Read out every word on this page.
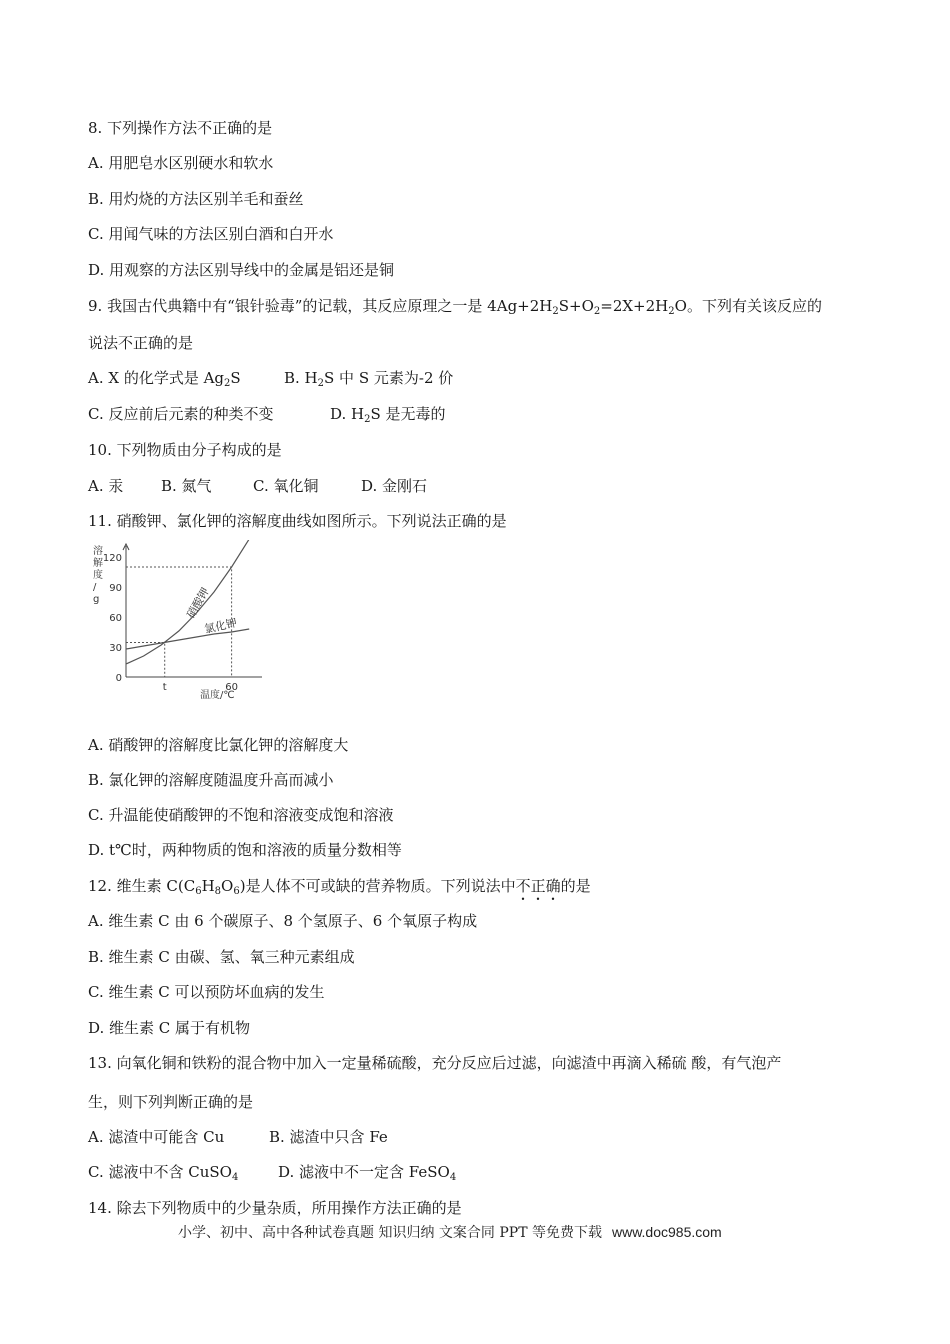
8. 下列操作方法不正确的是
A. 用肥皂水区别硬水和软水
B. 用灼烧的方法区别羊毛和蚕丝
C. 用闻气味的方法区别白酒和白开水
D. 用观察的方法区别导线中的金属是铝还是铜
9. 我国古代典籍中有“银针验毒”的记载，其反应原理之一是 $4Ag+2H_2S+O_2=2X+2H_2O$。下列有关该反应的
说法不正确的是
A. X 的化学式是 $Ag_2S$	B. $H_2S$ 中 S 元素为-2 价
C. 反应前后元素的种类不变	D. $H_2S$ 是无毒的
10. 下列物质由分子构成的是
A. 汞	B. 氮气	C. 氧化铜	D. 金刚石
11. 硝酸钾、氯化钾的溶解度曲线如图所示。下列说法正确的是
0
30
60
90
120
t	60
硝酸钾
氯化钾
溶解度/ g
温度/℃
A. 硝酸钾的溶解度比氯化钾的溶解度大
B. 氯化钾的溶解度随温度升高而减小
C. 升温能使硝酸钾的不饱和溶液变成饱和溶液
D. t℃时，两种物质的饱和溶液的质量分数相等
12. 维生素 $C(C_6H_8O_6)$是人体不可或缺的营养物质。下列说法中不正确的是
A. 维生素 C 由 6 个碳原子、8 个氢原子、6 个氧原子构成
B. 维生素 C 由碳、氢、氧三种元素组成
C. 维生素 C 可以预防坏血病的发生
D. 维生素 C 属于有机物
13. 向氧化铜和铁粉的混合物中加入一定量稀硫酸，充分反应后过滤，向滤渣中再滴入稀硫 酸，有气泡产
生，则下列判断正确的是
A. 滤渣中可能含 Cu	B. 滤渣中只含 Fe
C. 滤液中不含 CuSO$_4$	D. 滤液中不一定含 FeSO$_4$
14. 除去下列物质中的少量杂质，所用操作方法正确的是
小学、初中、高中各种试卷真题 知识归纳 文案合同 PPT 等免费下载 www.doc985.com
